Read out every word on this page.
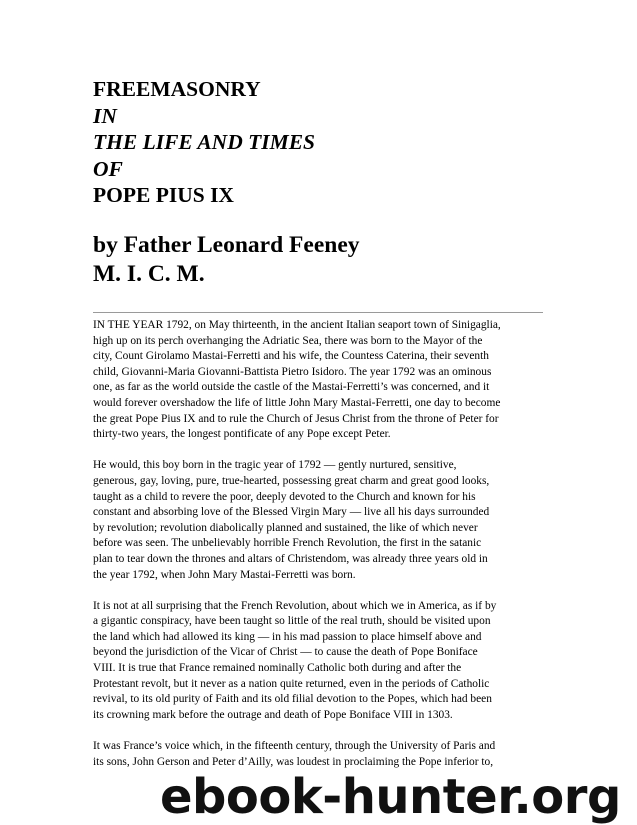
FREEMASONRY
IN
THE LIFE AND TIMES
OF
POPE PIUS IX
by Father Leonard Feeney
M. I. C. M.

IN THE YEAR 1792, on May thirteenth, in the ancient Italian seaport town of Sinigaglia,
high up on its perch overhanging the Adriatic Sea, there was born to the Mayor of the
city, Count Girolamo Mastai-Ferretti and his wife, the Countess Caterina, their seventh
child, Giovanni-Maria Giovanni-Battista Pietro Isidoro. The year 1792 was an ominous
one, as far as the world outside the castle of the Mastai-Ferretti’s was concerned, and it
would forever overshadow the life of little John Mary Mastai-Ferretti, one day to become
the great Pope Pius IX and to rule the Church of Jesus Christ from the throne of Peter for
thirty-two years, the longest pontificate of any Pope except Peter.

He would, this boy born in the tragic year of 1792 — gently nurtured, sensitive,
generous, gay, loving, pure, true-hearted, possessing great charm and great good looks,
taught as a child to revere the poor, deeply devoted to the Church and known for his
constant and absorbing love of the Blessed Virgin Mary — live all his days surrounded
by revolution; revolution diabolically planned and sustained, the like of which never
before was seen. The unbelievably horrible French Revolution, the first in the satanic
plan to tear down the thrones and altars of Christendom, was already three years old in
the year 1792, when John Mary Mastai-Ferretti was born.

It is not at all surprising that the French Revolution, about which we in America, as if by
a gigantic conspiracy, have been taught so little of the real truth, should be visited upon
the land which had allowed its king — in his mad passion to place himself above and
beyond the jurisdiction of the Vicar of Christ — to cause the death of Pope Boniface
VIII. It is true that France remained nominally Catholic both during and after the
Protestant revolt, but it never as a nation quite returned, even in the periods of Catholic
revival, to its old purity of Faith and its old filial devotion to the Popes, which had been
its crowning mark before the outrage and death of Pope Boniface VIII in 1303.

It was France’s voice which, in the fifteenth century, through the University of Paris and
its sons, John Gerson and Peter d’Ailly, was loudest in proclaiming the Pope inferior to,

ebook-hunter.org
